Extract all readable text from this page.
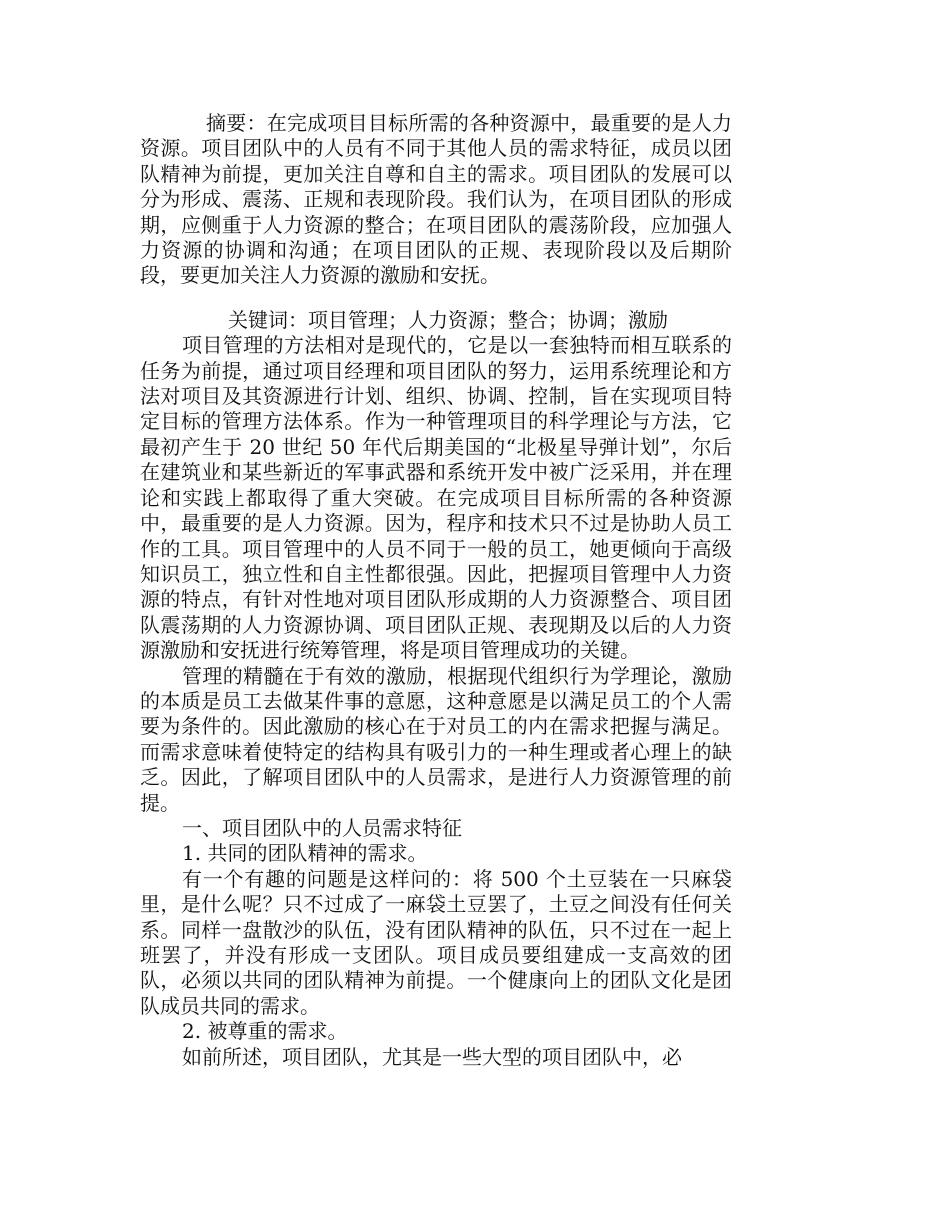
摘要：在完成项目目标所需的各种资源中，最重要的是人力资源。项目团队中的人员有不同于其他人员的需求特征，成员以团队精神为前提，更加关注自尊和自主的需求。项目团队的发展可以分为形成、震荡、正规和表现阶段。我们认为，在项目团队的形成期，应侧重于人力资源的整合；在项目团队的震荡阶段，应加强人力资源的协调和沟通；在项目团队的正规、表现阶段以及后期阶段，要更加关注人力资源的激励和安抚。

关键词：项目管理；人力资源；整合；协调；激励

项目管理的方法相对是现代的，它是以一套独特而相互联系的任务为前提，通过项目经理和项目团队的努力，运用系统理论和方法对项目及其资源进行计划、组织、协调、控制，旨在实现项目特定目标的管理方法体系。作为一种管理项目的科学理论与方法，它最初产生于 20 世纪 50 年代后期美国的“北极星导弹计划”，尔后在建筑业和某些新近的军事武器和系统开发中被广泛采用，并在理论和实践上都取得了重大突破。在完成项目目标所需的各种资源中，最重要的是人力资源。因为，程序和技术只不过是协助人员工作的工具。项目管理中的人员不同于一般的员工，她更倾向于高级知识员工，独立性和自主性都很强。因此，把握项目管理中人力资源的特点，有针对性地对项目团队形成期的人力资源整合、项目团队震荡期的人力资源协调、项目团队正规、表现期及以后的人力资源激励和安抚进行统筹管理，将是项目管理成功的关键。

管理的精髓在于有效的激励，根据现代组织行为学理论，激励的本质是员工去做某件事的意愿，这种意愿是以满足员工的个人需要为条件的。因此激励的核心在于对员工的内在需求把握与满足。而需求意味着使特定的结构具有吸引力的一种生理或者心理上的缺乏。因此，了解项目团队中的人员需求，是进行人力资源管理的前提。

一、项目团队中的人员需求特征

1. 共同的团队精神的需求。

有一个有趣的问题是这样问的：将 500 个土豆装在一只麻袋里，是什么呢？只不过成了一麻袋土豆罢了，土豆之间没有任何关系。同样一盘散沙的队伍，没有团队精神的队伍，只不过在一起上班罢了，并没有形成一支团队。项目成员要组建成一支高效的团队，必须以共同的团队精神为前提。一个健康向上的团队文化是团队成员共同的需求。

2. 被尊重的需求。

如前所述，项目团队，尤其是一些大型的项目团队中，必
